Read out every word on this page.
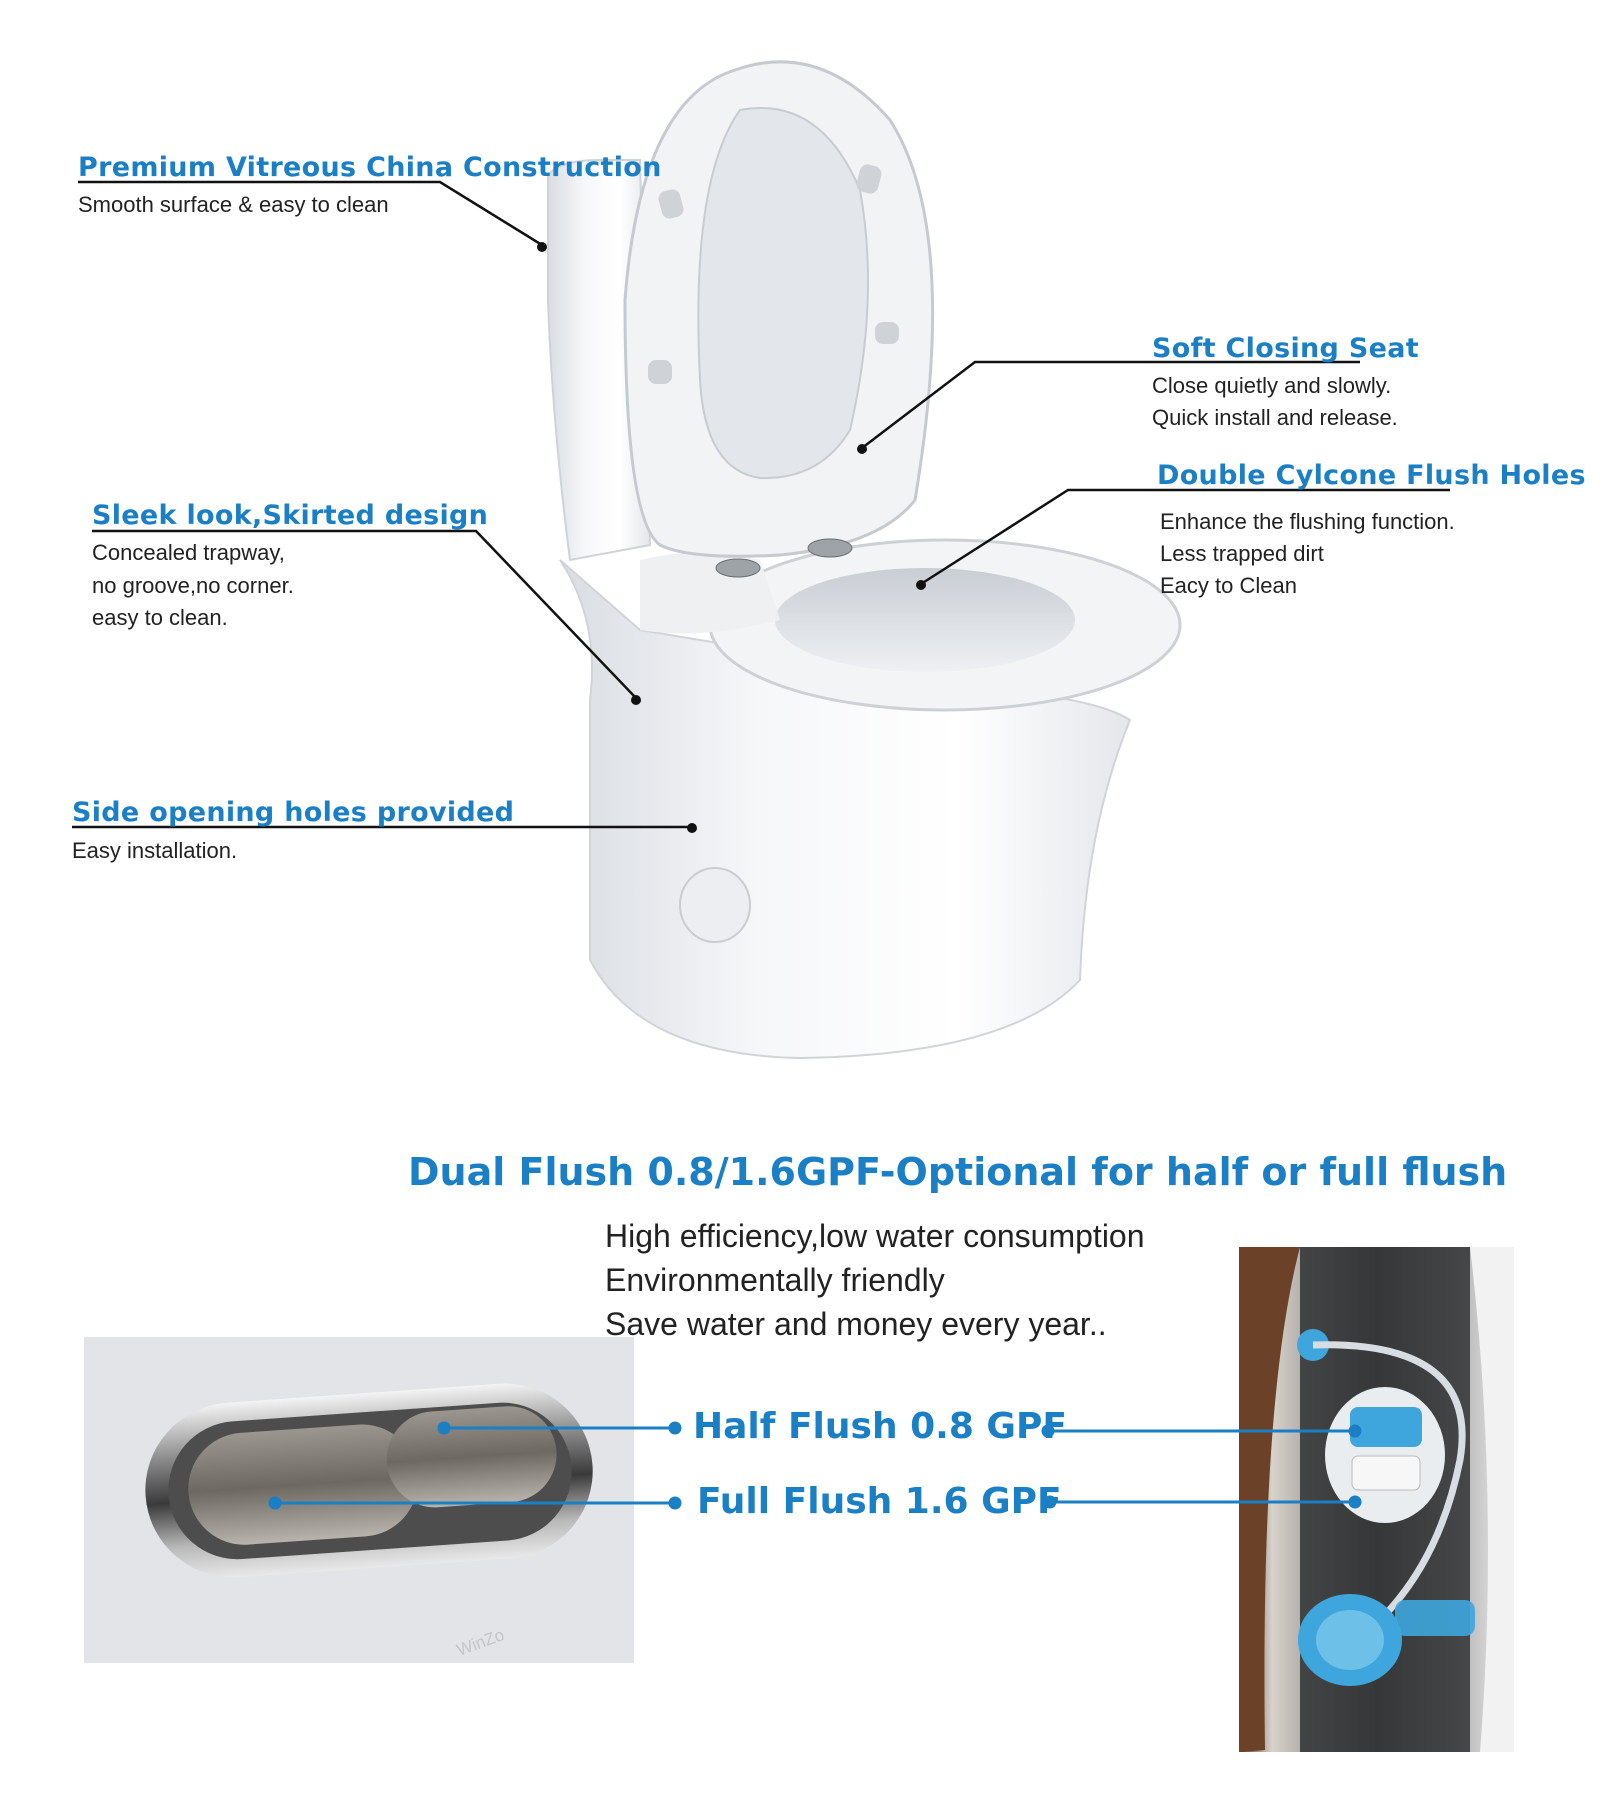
WinZo
Premium Vitreous China Construction
Smooth surface & easy to clean
Soft Closing Seat
Close quietly and slowly.
Quick install and release.
Double Cylcone Flush Holes
Enhance the flushing function.
Less trapped dirt
Eacy to Clean
Sleek look,Skirted design
Concealed trapway,
no groove,no corner.
easy to clean.
Side opening holes provided
Easy installation.
Dual Flush 0.8/1.6GPF-Optional for half or full flush
High efficiency,low water consumption
Environmentally friendly
Save water and money every year..
Half Flush 0.8 GPF
Full Flush 1.6 GPF
